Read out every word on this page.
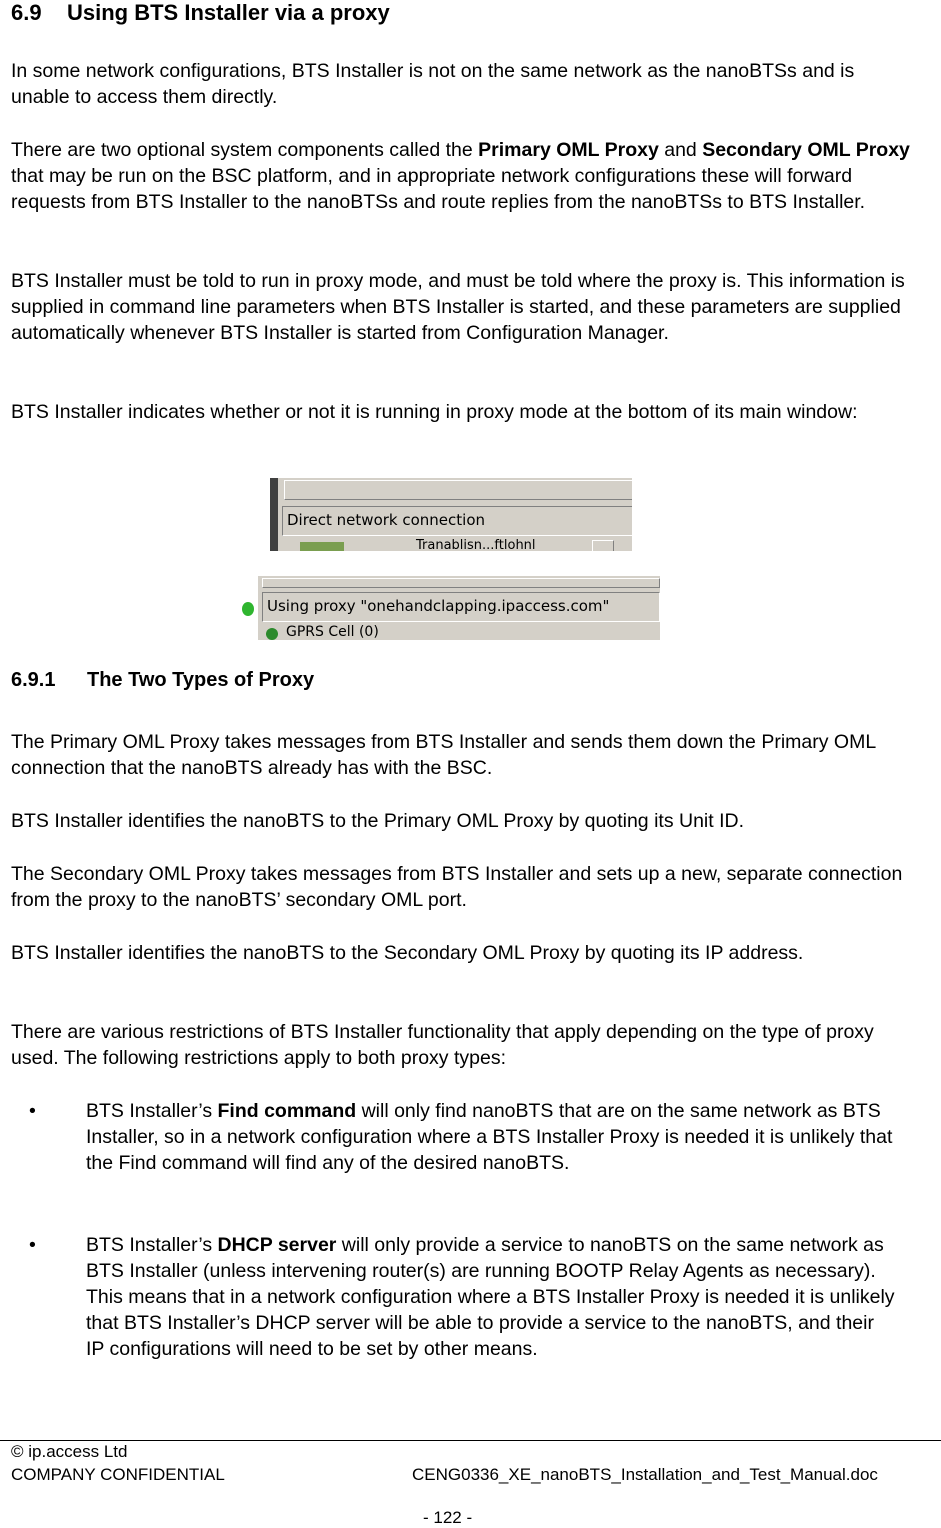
6.9 Using BTS Installer via a proxy
In some network configurations, BTS Installer is not on the same network as the nanoBTSs and is unable to access them directly.
There are two optional system components called the Primary OML Proxy and Secondary OML Proxy that may be run on the BSC platform, and in appropriate network configurations these will forward requests from BTS Installer to the nanoBTSs and route replies from the nanoBTSs to BTS Installer.
BTS Installer must be told to run in proxy mode, and must be told where the proxy is. This information is supplied in command line parameters when BTS Installer is started, and these parameters are supplied automatically whenever BTS Installer is started from Configuration Manager.
BTS Installer indicates whether or not it is running in proxy mode at the bottom of its main window:
Direct network connection
Tranablisn...ftlohnl
Using proxy "onehandclapping.ipaccess.com"
GPRS Cell (0)
6.9.1 The Two Types of Proxy
The Primary OML Proxy takes messages from BTS Installer and sends them down the Primary OML connection that the nanoBTS already has with the BSC.
BTS Installer identifies the nanoBTS to the Primary OML Proxy by quoting its Unit ID.
The Secondary OML Proxy takes messages from BTS Installer and sets up a new, separate connection from the proxy to the nanoBTS’ secondary OML port.
BTS Installer identifies the nanoBTS to the Secondary OML Proxy by quoting its IP address.
There are various restrictions of BTS Installer functionality that apply depending on the type of proxy used. The following restrictions apply to both proxy types:
•	BTS Installer’s Find command will only find nanoBTS that are on the same network as BTS Installer, so in a network configuration where a BTS Installer Proxy is needed it is unlikely that the Find command will find any of the desired nanoBTS.
•	BTS Installer’s DHCP server will only provide a service to nanoBTS on the same network as BTS Installer (unless intervening router(s) are running BOOTP Relay Agents as necessary). This means that in a network configuration where a BTS Installer Proxy is needed it is unlikely that BTS Installer’s DHCP server will be able to provide a service to the nanoBTS, and their IP configurations will need to be set by other means.
© ip.access Ltd
COMPANY CONFIDENTIAL	CENG0336_XE_nanoBTS_Installation_and_Test_Manual.doc
- 122 -
